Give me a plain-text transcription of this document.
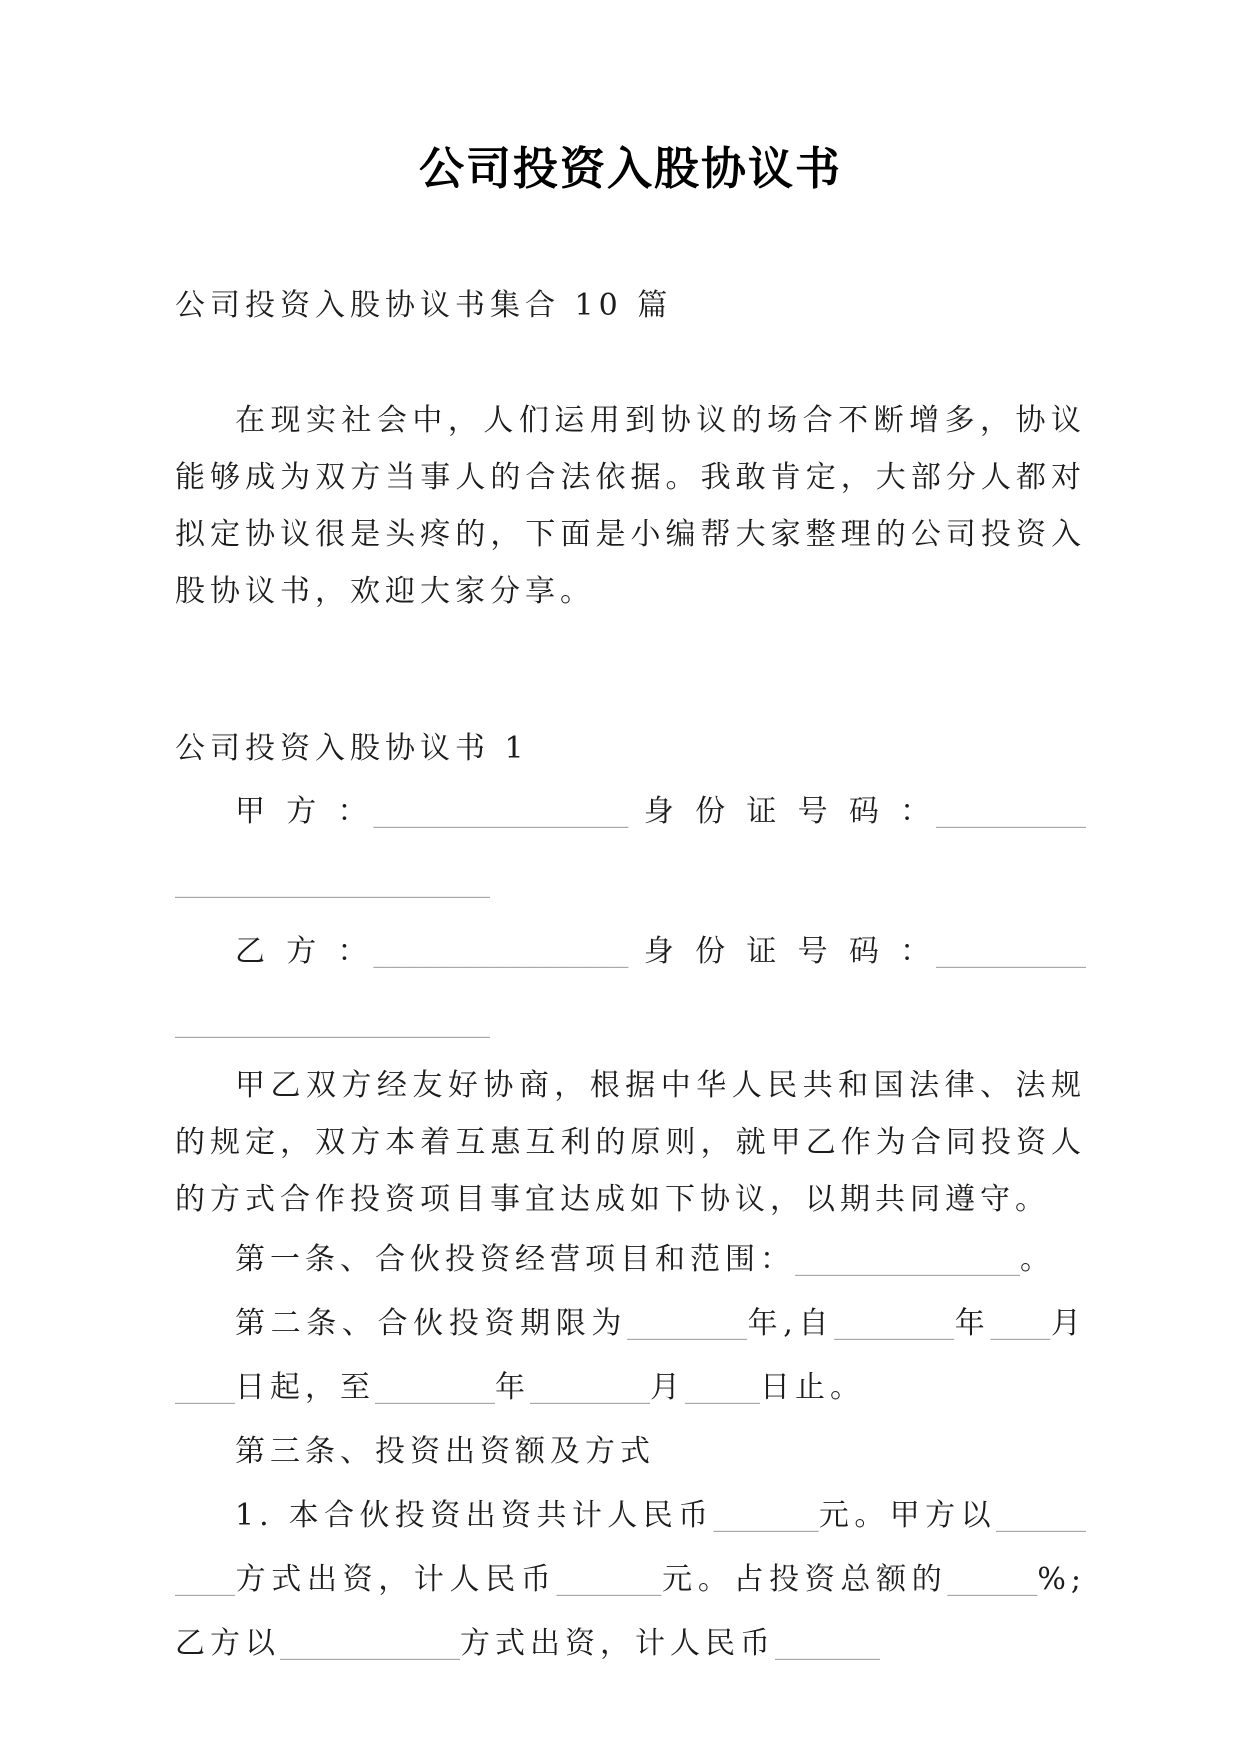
公司投资入股协议书

公司投资入股协议书集合 10 篇

在现实社会中，人们运用到协议的场合不断增多，协议能够成为双方当事人的合法依据。我敢肯定，大部分人都对拟定协议很是头疼的，下面是小编帮大家整理的公司投资入股协议书，欢迎大家分享。

公司投资入股协议书 1

甲 方 ：_________________ 身 份 证 号 码 ：_______________________________

乙 方 ：_________________ 身 份 证 号 码 ：_______________________________

甲乙双方经友好协商，根据中华人民共和国法律、法规的规定，双方本着互惠互利的原则，就甲乙作为合同投资人的方式合作投资项目事宜达成如下协议，以期共同遵守。

第一条、合伙投资经营项目和范围：_______________。

第二条、合伙投资期限为________年,自________年____月____日起，至________年________月_____日止。

第三条、投资出资额及方式

1. 本合伙投资出资共计人民币_______元。甲方以__________方式出资，计人民币_______元。占投资总额的______%;乙方以____________方式出资，计人民币_______
